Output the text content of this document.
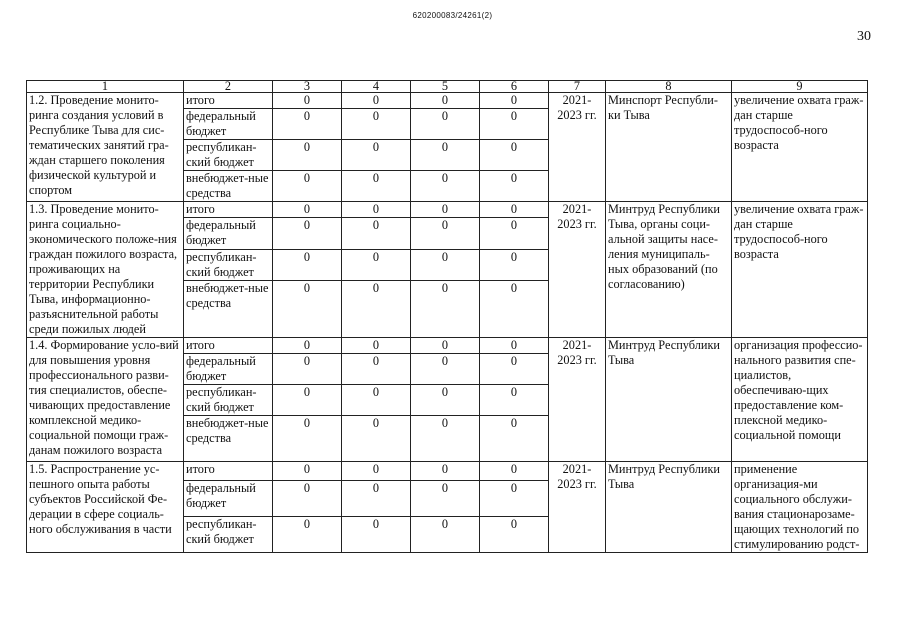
620200083/24261(2)
30
1	2	3	4	5	6	7	8	9
1.2. Проведение монито-ринга создания условий в Республике Тыва для сис-тематических занятий гра-ждан старшего поколения физической культурой и спортом	итого	0	0	0	0	2021-2023 гг.	Минспорт Республи-ки Тыва	увеличение охвата граж-дан старше трудоспособ-ного возраста
	федеральный бюджет	0	0	0	0			
	республикан-ский бюджет	0	0	0	0			
	внебюджет-ные средства	0	0	0	0			
1.3. Проведение монито-ринга социально-экономического положе-ния граждан пожилого возраста, проживающих на территории Республики Тыва, информационно-разъяснительной работы среди пожилых людей	итого	0	0	0	0	2021-2023 гг.	Минтруд Республики Тыва, органы соци-альной защиты насе-ления муниципаль-ных образований (по согласованию)	увеличение охвата граж-дан старше трудоспособ-ного возраста
	федеральный бюджет	0	0	0	0			
	республикан-ский бюджет	0	0	0	0			
	внебюджет-ные средства	0	0	0	0			
1.4. Формирование усло-вий для повышения уровня профессионального разви-тия специалистов, обеспе-чивающих предоставление комплексной медико-социальной помощи граж-данам пожилого возраста	итого	0	0	0	0	2021-2023 гг.	Минтруд Республики Тыва	организация профессио-нального развития спе-циалистов, обеспечиваю-щих предоставление ком-плексной медико-социальной помощи
	федеральный бюджет	0	0	0	0			
	республикан-ский бюджет	0	0	0	0			
	внебюджет-ные средства	0	0	0	0			
1.5. Распространение ус-пешного опыта работы субъектов Российской Фе-дерации в сфере социаль-ного обслуживания в части	итого	0	0	0	0	2021-2023 гг.	Минтруд Республики Тыва	применение организация-ми социального обслужи-вания стационарозаме-щающих технологий по стимулированию родст-
	федеральный бюджет	0	0	0	0			
	республикан-ский бюджет	0	0	0	0			
